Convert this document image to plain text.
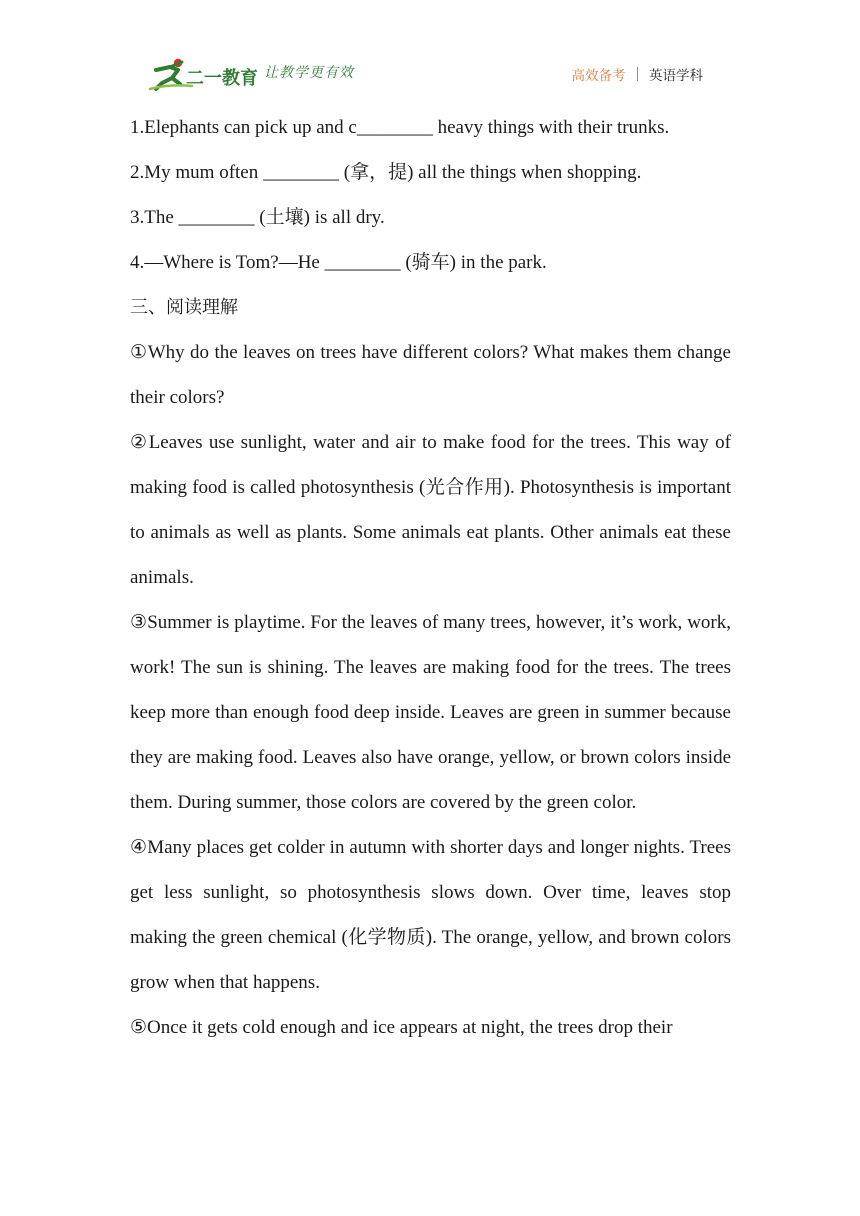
二一教育 让教学更有效	高效备考 英语学科

1.Elephants can pick up and c________ heavy things with their trunks.

2.My mum often ________ (拿，提) all the things when shopping.

3.The ________ (土壤) is all dry.

4.—Where is Tom?—He ________ (骑车) in the park.

三、阅读理解

①Why do the leaves on trees have different colors? What makes them change their colors?

②Leaves use sunlight, water and air to make food for the trees. This way of making food is called photosynthesis (光合作用). Photosynthesis is important to animals as well as plants. Some animals eat plants. Other animals eat these animals.

③Summer is playtime. For the leaves of many trees, however, it’s work, work, work! The sun is shining. The leaves are making food for the trees. The trees keep more than enough food deep inside. Leaves are green in summer because they are making food. Leaves also have orange, yellow, or brown colors inside them. During summer, those colors are covered by the green color.

④Many places get colder in autumn with shorter days and longer nights. Trees get less sunlight, so photosynthesis slows down. Over time, leaves stop making the green chemical (化学物质). The orange, yellow, and brown colors grow when that happens.

⑤Once it gets cold enough and ice appears at night, the trees drop their
